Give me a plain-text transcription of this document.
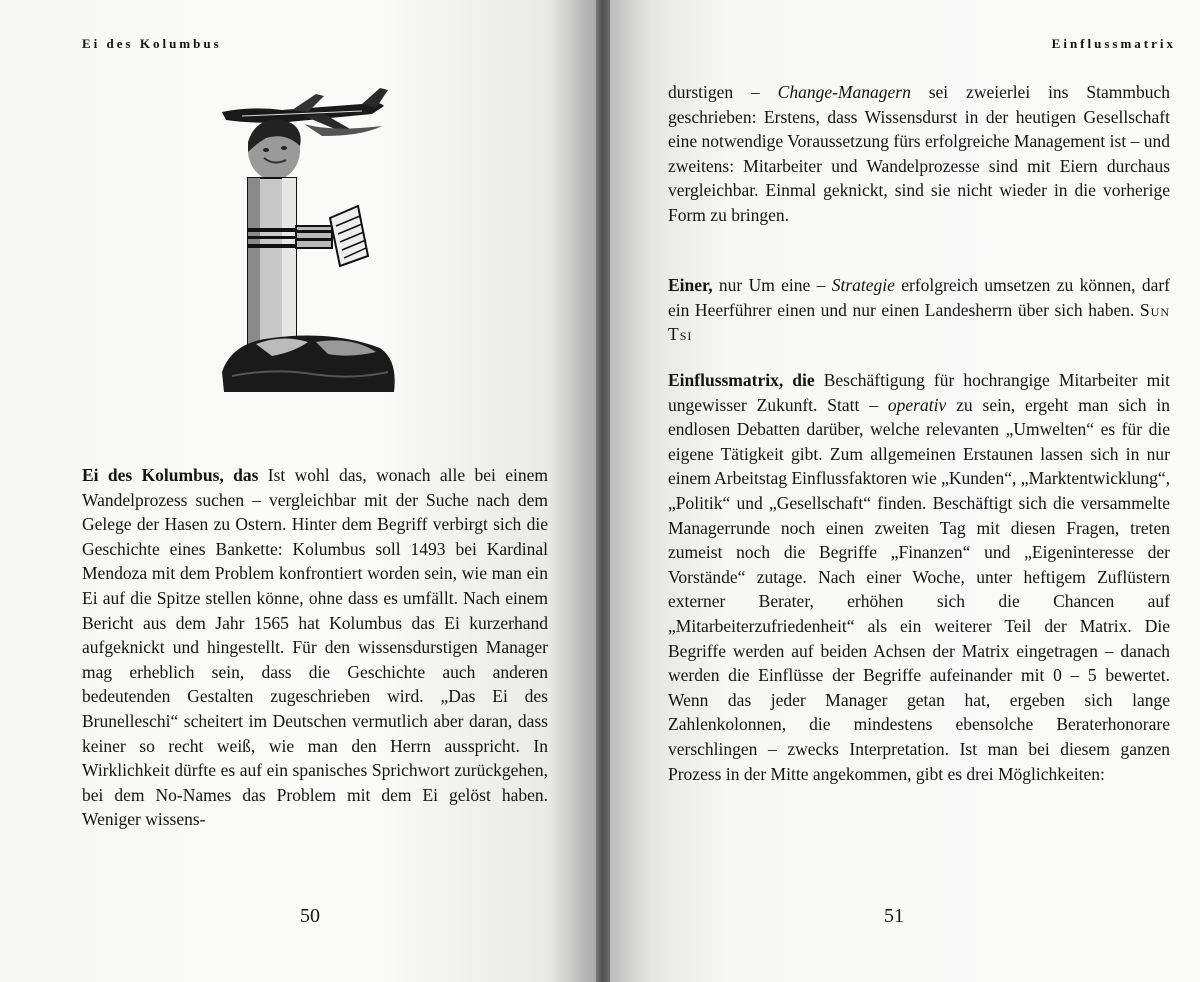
Ei des Kolumbus

Ei des Kolumbus, das Ist wohl das, wonach alle bei einem Wandelprozess suchen – vergleichbar mit der Suche nach dem Gelege der Hasen zu Ostern. Hinter dem Begriff verbirgt sich die Geschichte eines Bankette: Kolumbus soll 1493 bei Kardinal Mendoza mit dem Problem konfrontiert worden sein, wie man ein Ei auf die Spitze stellen könne, ohne dass es umfällt. Nach einem Bericht aus dem Jahr 1565 hat Kolumbus das Ei kurzerhand aufgeknickt und hingestellt. Für den wissensdurstigen Manager mag erheblich sein, dass die Geschichte auch anderen bedeutenden Gestalten zugeschrieben wird. „Das Ei des Brunelleschi“ scheitert im Deutschen vermutlich aber daran, dass keiner so recht weiß, wie man den Herrn ausspricht. In Wirklichkeit dürfte es auf ein spanisches Sprichwort zurückgehen, bei dem No-Names das Problem mit dem Ei gelöst haben. Weniger wissens-

50
Einflussmatrix

durstigen – Change-Managern sei zweierlei ins Stammbuch geschrieben: Erstens, dass Wissensdurst in der heutigen Gesellschaft eine notwendige Voraussetzung fürs erfolgreiche Management ist – und zweitens: Mitarbeiter und Wandelprozesse sind mit Eiern durchaus vergleichbar. Einmal geknickt, sind sie nicht wieder in die vorherige Form zu bringen.

Einer, nur Um eine – Strategie erfolgreich umsetzen zu können, darf ein Heerführer einen und nur einen Landesherrn über sich haben. Sun Tsi

Einflussmatrix, die Beschäftigung für hochrangige Mitarbeiter mit ungewisser Zukunft. Statt – operativ zu sein, ergeht man sich in endlosen Debatten darüber, welche relevanten „Umwelten“ es für die eigene Tätigkeit gibt. Zum allgemeinen Erstaunen lassen sich in nur einem Arbeitstag Einflussfaktoren wie „Kunden“, „Marktentwicklung“, „Politik“ und „Gesellschaft“ finden. Beschäftigt sich die versammelte Managerrunde noch einen zweiten Tag mit diesen Fragen, treten zumeist noch die Begriffe „Finanzen“ und „Eigeninteresse der Vorstände“ zutage. Nach einer Woche, unter heftigem Zuflüstern externer Berater, erhöhen sich die Chancen auf „Mitarbeiterzufriedenheit“ als ein weiterer Teil der Matrix. Die Begriffe werden auf beiden Achsen der Matrix eingetragen – danach werden die Einflüsse der Begriffe aufeinander mit 0 – 5 bewertet. Wenn das jeder Manager getan hat, ergeben sich lange Zahlenkolonnen, die mindestens ebensolche Beraterhonorare verschlingen – zwecks Interpretation. Ist man bei diesem ganzen Prozess in der Mitte angekommen, gibt es drei Möglichkeiten:

51
